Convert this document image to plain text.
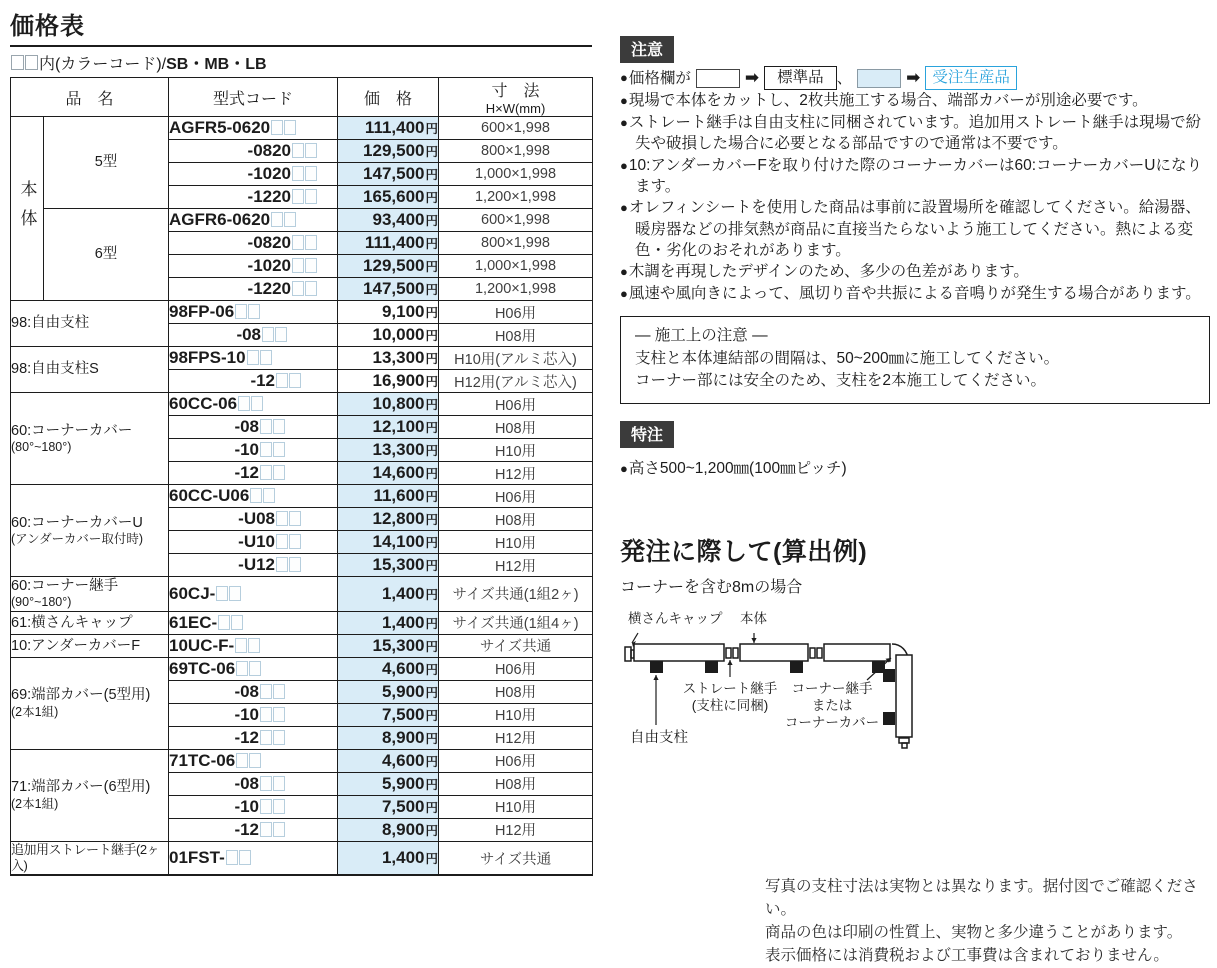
価格表
内(カラーコード)/ SB・MB・LB
品　名		型式コード	価　格	寸　法
H×W(mm)

本体	5型	AGFR5-0620	111,400円	600×1,998
		-0820	129,500円	800×1,998
		-1020	147,500円	1,000×1,998
		-1220	165,600円	1,200×1,998
	6型	AGFR6-0620	93,400円	600×1,998
		-0820	111,400円	800×1,998
		-1020	129,500円	1,000×1,998
		-1220	147,500円	1,200×1,998
98:自由支柱		98FP-06	9,100円	H06用
		-08	10,000円	H08用
98:自由支柱S		98FPS-10	13,300円	H10用(アルミ芯入)
		-12	16,900円	H12用(アルミ芯入)
60:コーナーカバー
(80°~180°)		60CC-06	10,800円	H06用
		-08	12,100円	H08用
		-10	13,300円	H10用
		-12	14,600円	H12用
60:コーナーカバーU
(アンダーカバー取付時)		60CC-U06	11,600円	H06用
		-U08	12,800円	H08用
		-U10	14,100円	H10用
		-U12	15,300円	H12用
60:コーナー継手
(90°~180°)		60CJ-	1,400円	サイズ共通(1組2ヶ)
61:横さんキャップ		61EC-	1,400円	サイズ共通(1組4ヶ)
10:アンダーカバーF		10UC-F-	15,300円	サイズ共通
69:端部カバー(5型用)
(2本1組)		69TC-06	4,600円	H06用
		-08	5,900円	H08用
		-10	7,500円	H10用
		-12	8,900円	H12用
71:端部カバー(6型用)
(2本1組)		71TC-06	4,600円	H06用
		-08	5,900円	H08用
		-10	7,500円	H10用
		-12	8,900円	H12用
追加用ストレート継手(2ヶ入)		01FST-	1,400円	サイズ共通
注意
● 価格欄が	➡	標準品 、	➡ 受注生産品
● 現場で本体をカットし、2枚共施工する場合、端部カバーが別途必要です。
● ストレート継手は自由支柱に同梱されています。追加用ストレート継手は現場で紛失や破損した場合に必要となる部品ですので通常は不要です。
● 10:アンダーカバーFを取り付けた際のコーナーカバーは60:コーナーカバーUになります。
● オレフィンシートを使用した商品は事前に設置場所を確認してください。給湯器、暖房器などの排気熱が商品に直接当たらないよう施工してください。熱による変色・劣化のおそれがあります。
● 木調を再現したデザインのため、多少の色差があります。
● 風速や風向きによって、風切り音や共振による音鳴りが発生する場合があります。
― 施工上の注意 ―
支柱と本体連結部の間隔は、50~200㎜に施工してください。
コーナー部には安全のため、支柱を2本施工してください。
特注
● 高さ500~1,200㎜(100㎜ピッチ)
発注に際して(算出例)
コーナーを含む8mの場合
横さんキャップ 本体
ストレート継手
(支柱に同梱)
コーナー継手
または
コーナーカバー
自由支柱
写真の支柱寸法は実物とは異なります。据付図でご確認ください。
商品の色は印刷の性質上、実物と多少違うことがあります。
表示価格には消費税および工事費は含まれておりません。
